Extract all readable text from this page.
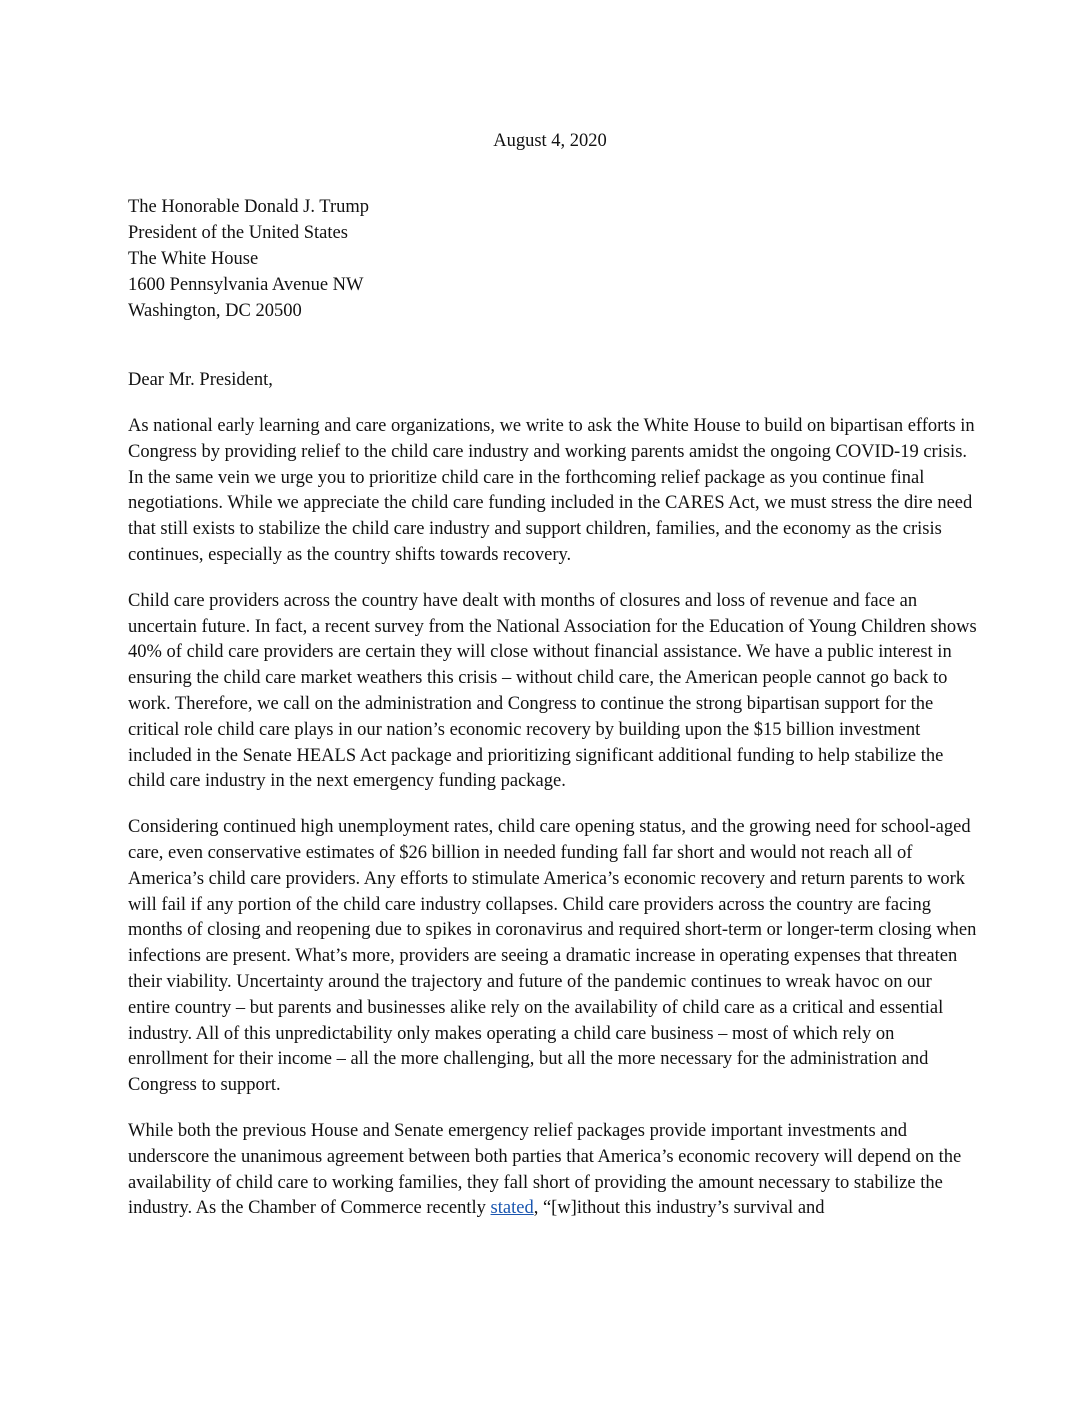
August 4, 2020
The Honorable Donald J. Trump
President of the United States
The White House
1600 Pennsylvania Avenue NW
Washington, DC 20500
Dear Mr. President,

As national early learning and care organizations, we write to ask the White House to build on bipartisan efforts in Congress by providing relief to the child care industry and working parents amidst the ongoing COVID-19 crisis. In the same vein we urge you to prioritize child care in the forthcoming relief package as you continue final negotiations. While we appreciate the child care funding included in the CARES Act, we must stress the dire need that still exists to stabilize the child care industry and support children, families, and the economy as the crisis continues, especially as the country shifts towards recovery.

Child care providers across the country have dealt with months of closures and loss of revenue and face an uncertain future. In fact, a recent survey from the National Association for the Education of Young Children shows 40% of child care providers are certain they will close without financial assistance. We have a public interest in ensuring the child care market weathers this crisis – without child care, the American people cannot go back to work. Therefore, we call on the administration and Congress to continue the strong bipartisan support for the critical role child care plays in our nation’s economic recovery by building upon the $15 billion investment included in the Senate HEALS Act package and prioritizing significant additional funding to help stabilize the child care industry in the next emergency funding package.

Considering continued high unemployment rates, child care opening status, and the growing need for school-aged care, even conservative estimates of $26 billion in needed funding fall far short and would not reach all of America’s child care providers. Any efforts to stimulate America’s economic recovery and return parents to work will fail if any portion of the child care industry collapses. Child care providers across the country are facing months of closing and reopening due to spikes in coronavirus and required short-term or longer-term closing when infections are present. What’s more, providers are seeing a dramatic increase in operating expenses that threaten their viability. Uncertainty around the trajectory and future of the pandemic continues to wreak havoc on our entire country – but parents and businesses alike rely on the availability of child care as a critical and essential industry. All of this unpredictability only makes operating a child care business – most of which rely on enrollment for their income – all the more challenging, but all the more necessary for the administration and Congress to support.

While both the previous House and Senate emergency relief packages provide important investments and underscore the unanimous agreement between both parties that America’s economic recovery will depend on the availability of child care to working families, they fall short of providing the amount necessary to stabilize the industry. As the Chamber of Commerce recently stated, “[w]ithout this industry’s survival and
